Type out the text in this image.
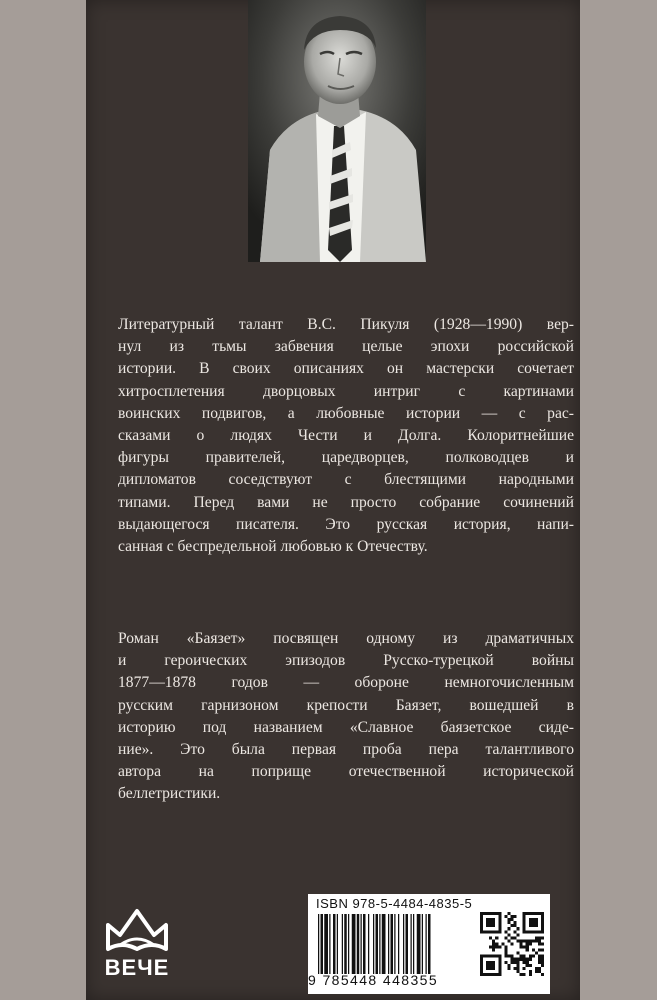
Литературный талант В.С. Пикуля (1928—1990) вер-
нул из тьмы забвения целые эпохи российской
истории. В своих описаниях он мастерски сочетает
хитросплетения дворцовых интриг с картинами
воинских подвигов, а любовные истории — с рас-
сказами о людях Чести и Долга. Колоритнейшие
фигуры правителей, царедворцев, полководцев и
дипломатов соседствуют с блестящими народными
типами. Перед вами не просто собрание сочинений
выдающегося писателя. Это русская история, напи-
санная с беспредельной любовью к Отечеству.
Роман «Баязет» посвящен одному из драматичных
и героических эпизодов Русско-турецкой войны
1877—1878 годов — обороне немногочисленным
русским гарнизоном крепости Баязет, вошедшей в
историю под названием «Славное баязетское сиде-
ние». Это была первая проба пера талантливого
автора на поприще отечественной исторической
беллетристики.
ВЕЧЕ
ISBN 978-5-4484-4835-5
9 785448 448355
